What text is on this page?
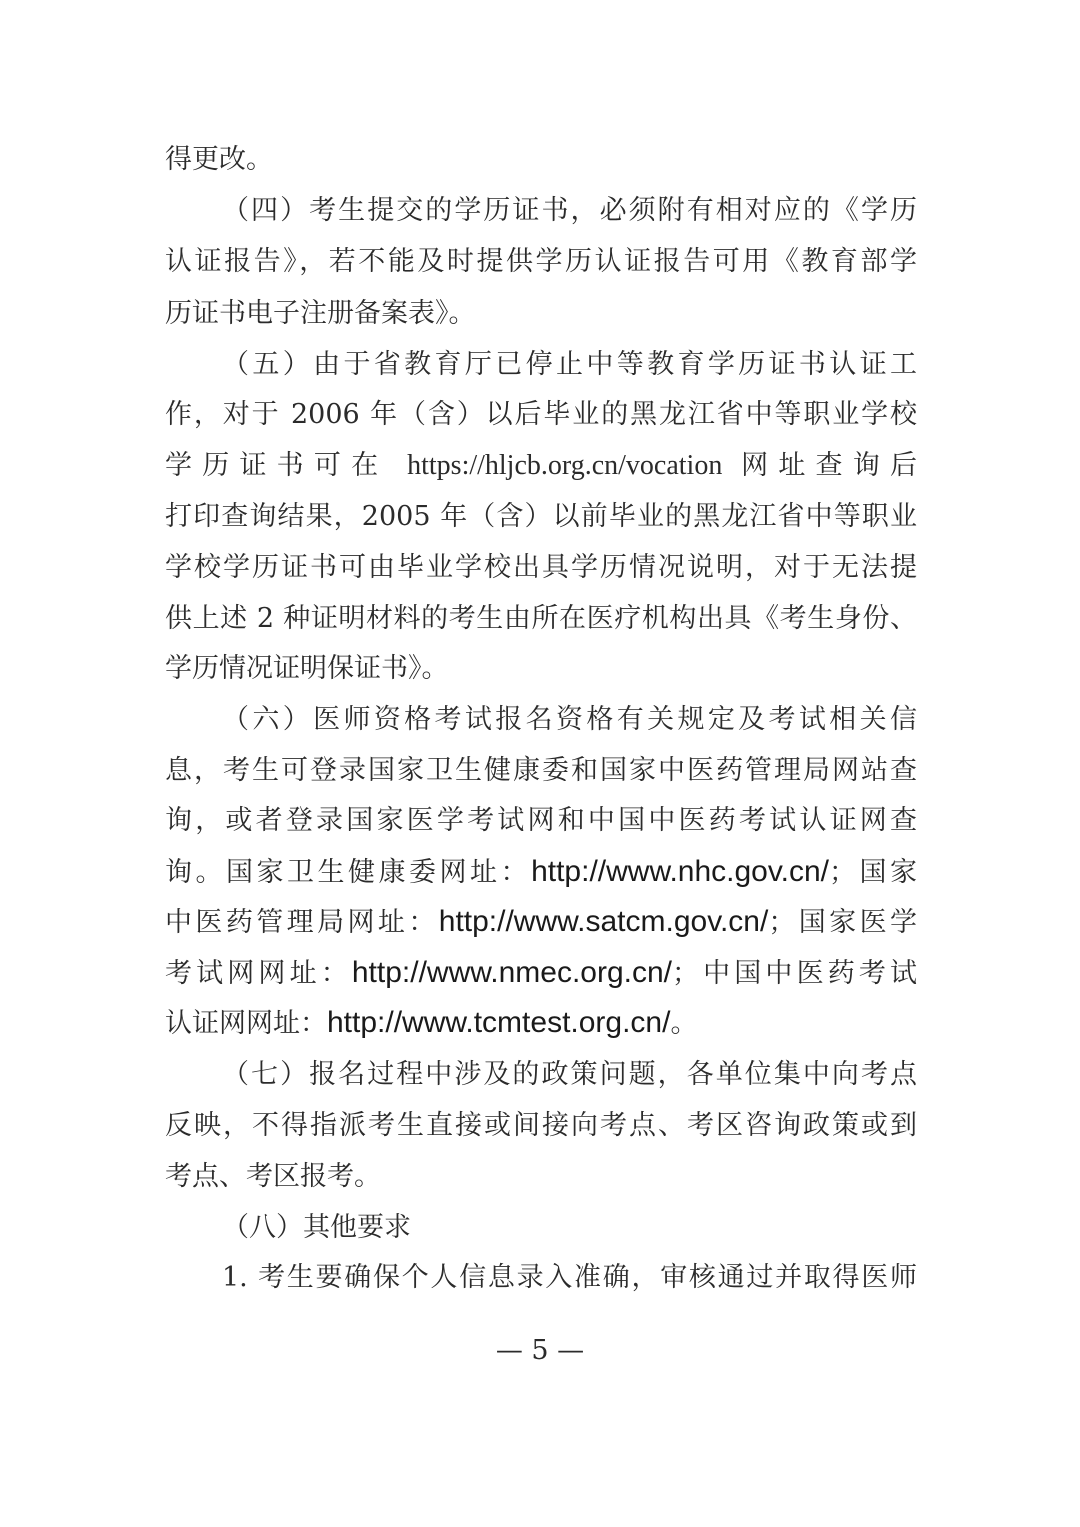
得更改。
（四）考生提交的学历证书，必须附有相对应的《学历
认证报告》，若不能及时提供学历认证报告可用《教育部学
历证书电子注册备案表》。
（五）由于省教育厅已停止中等教育学历证书认证工
作，对于 2006 年（含）以后毕业的黑龙江省中等职业学校
学历证书可在 https://hljcb.org.cn/vocation 网址查询后
打印查询结果，2005 年（含）以前毕业的黑龙江省中等职业
学校学历证书可由毕业学校出具学历情况说明，对于无法提
供上述 2 种证明材料的考生由所在医疗机构出具《考生身份、
学历情况证明保证书》。
（六）医师资格考试报名资格有关规定及考试相关信
息，考生可登录国家卫生健康委和国家中医药管理局网站查
询，或者登录国家医学考试网和中国中医药考试认证网查
询。国家卫生健康委网址：http://www.nhc.gov.cn/；国家
中医药管理局网址：http://www.satcm.gov.cn/；国家医学
考试网网址：http://www.nmec.org.cn/；中国中医药考试
认证网网址：http://www.tcmtest.org.cn/。
（七）报名过程中涉及的政策问题，各单位集中向考点
反映，不得指派考生直接或间接向考点、考区咨询政策或到
考点、考区报考。
（八）其他要求
1. 考生要确保个人信息录入准确，审核通过并取得医师
— 5 —
